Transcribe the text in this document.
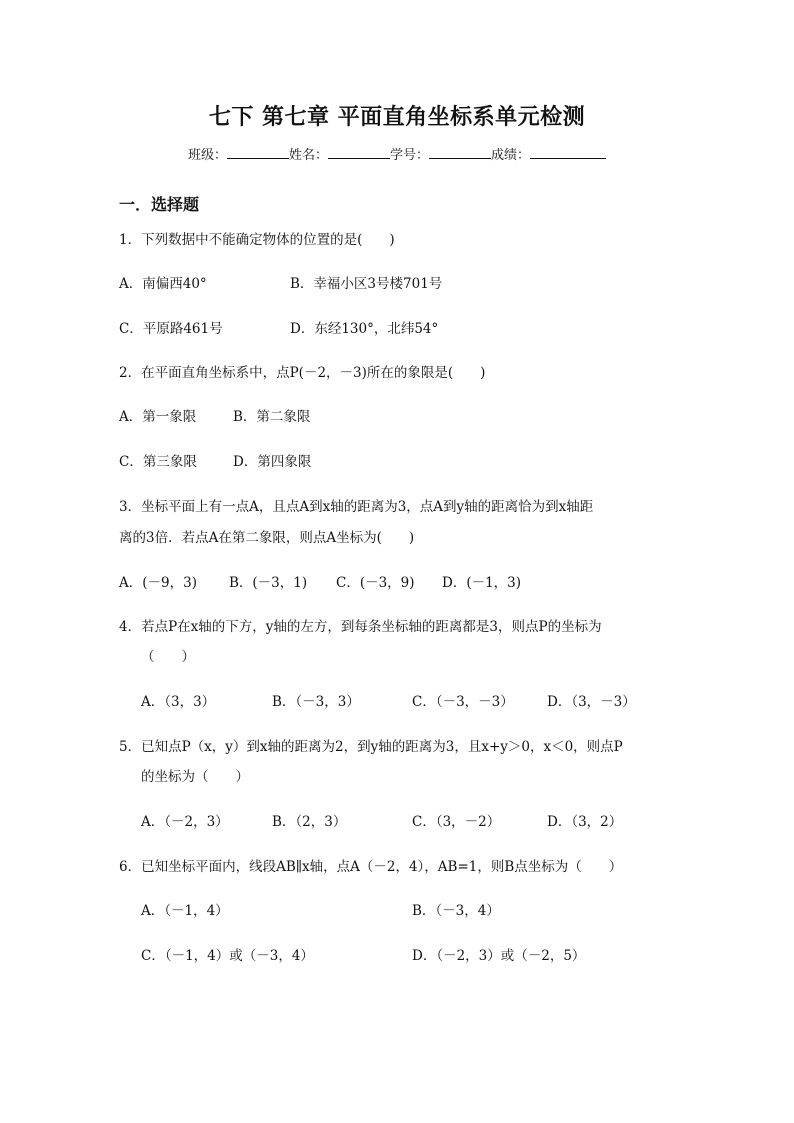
七下 第七章 平面直角坐标系单元检测
班级：	姓名：	学号：	成绩：
一．选择题
1．下列数据中不能确定物体的位置的是(　　)
A．南偏西40°	B．幸福小区3号楼701号
C．平原路461号	D．东经130°，北纬54°
2．在平面直角坐标系中，点P(－2，－3)所在的象限是(　　)
A．第一象限	B．第二象限
C．第三象限	D．第四象限
3．坐标平面上有一点A，且点A到x轴的距离为3，点A到y轴的距离恰为到x轴距
离的3倍．若点A在第二象限，则点A坐标为(　　)
A．(－9，3) B．(－3，1) C．(－3，9) D．(－1，3)
4．若点P在x轴的下方，y轴的左方，到每条坐标轴的距离都是3，则点P的坐标为
（　　）
A．（3，3）	B．（－3，3）	C．（－3，－3） D．（3，－3）
5．已知点P（x，y）到x轴的距离为2，到y轴的距离为3，且x+y＞0，x＜0，则点P
的坐标为（　　）
A．（－2，3）	B．（2，3）	C．（3，－2）	D．（3，2）
6．已知坐标平面内，线段AB∥x轴，点A（－2，4），AB=1，则B点坐标为（　　）
A．（－1，4）	B．（－3，4）
C．（－1，4）或（－3，4）	D．（－2，3）或（－2，5）
